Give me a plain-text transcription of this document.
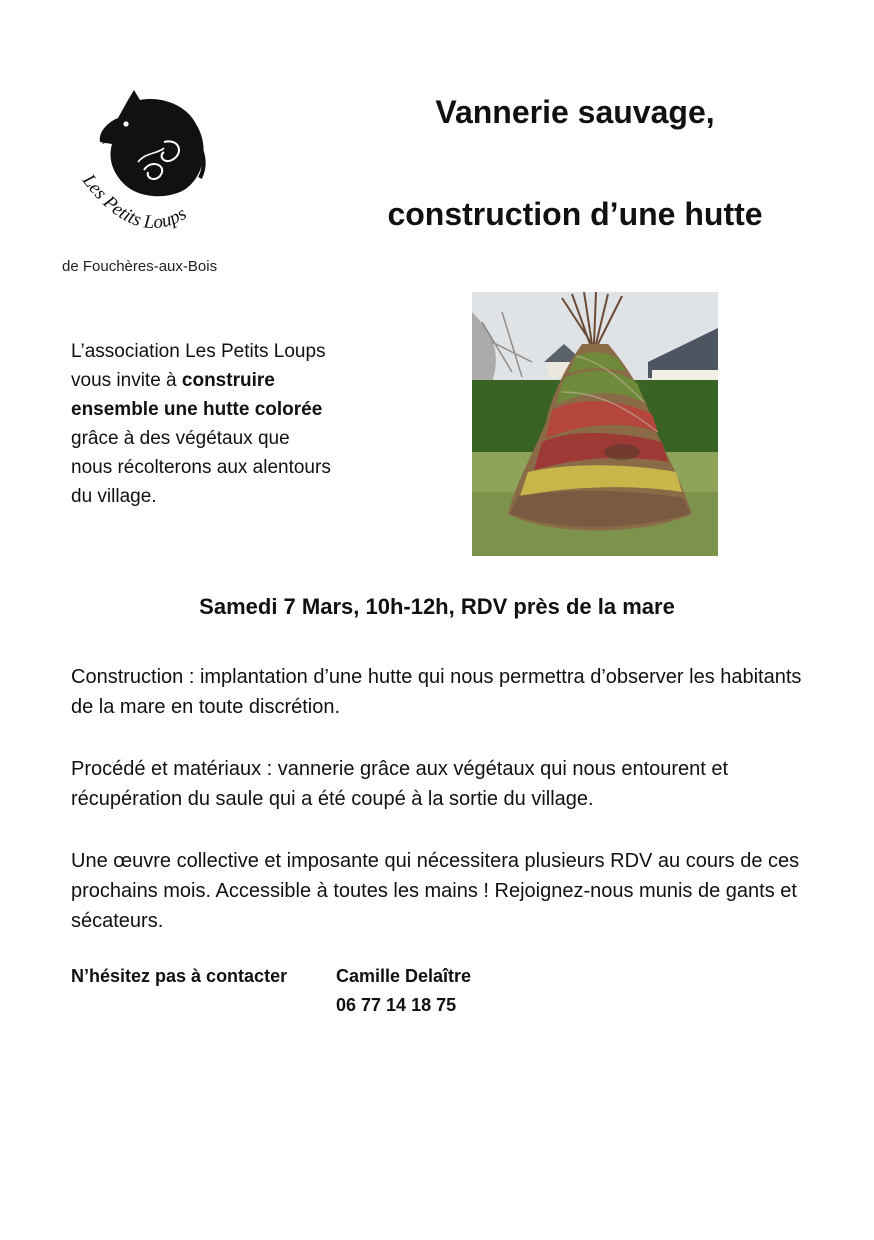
Les Petits Loups
de Fouchères-aux-Bois
Vannerie sauvage,
construction d’une hutte
L’association Les Petits Loups vous invite à construire ensemble une hutte colorée grâce à des végétaux que nous récolterons aux alentours du village.
Samedi 7 Mars, 10h-12h, RDV près de la mare
Construction : implantation d’une hutte qui nous permettra d’observer les habitants de la mare en toute discrétion.
Procédé et matériaux : vannerie grâce aux végétaux qui nous entourent et récupération du saule qui a été coupé à la sortie du village.
Une œuvre collective et imposante qui nécessitera plusieurs RDV au cours de ces prochains mois. Accessible à toutes les mains ! Rejoignez-nous munis de gants et sécateurs.
N’hésitez pas à contacter	Camille Delaître
06 77 14 18 75
